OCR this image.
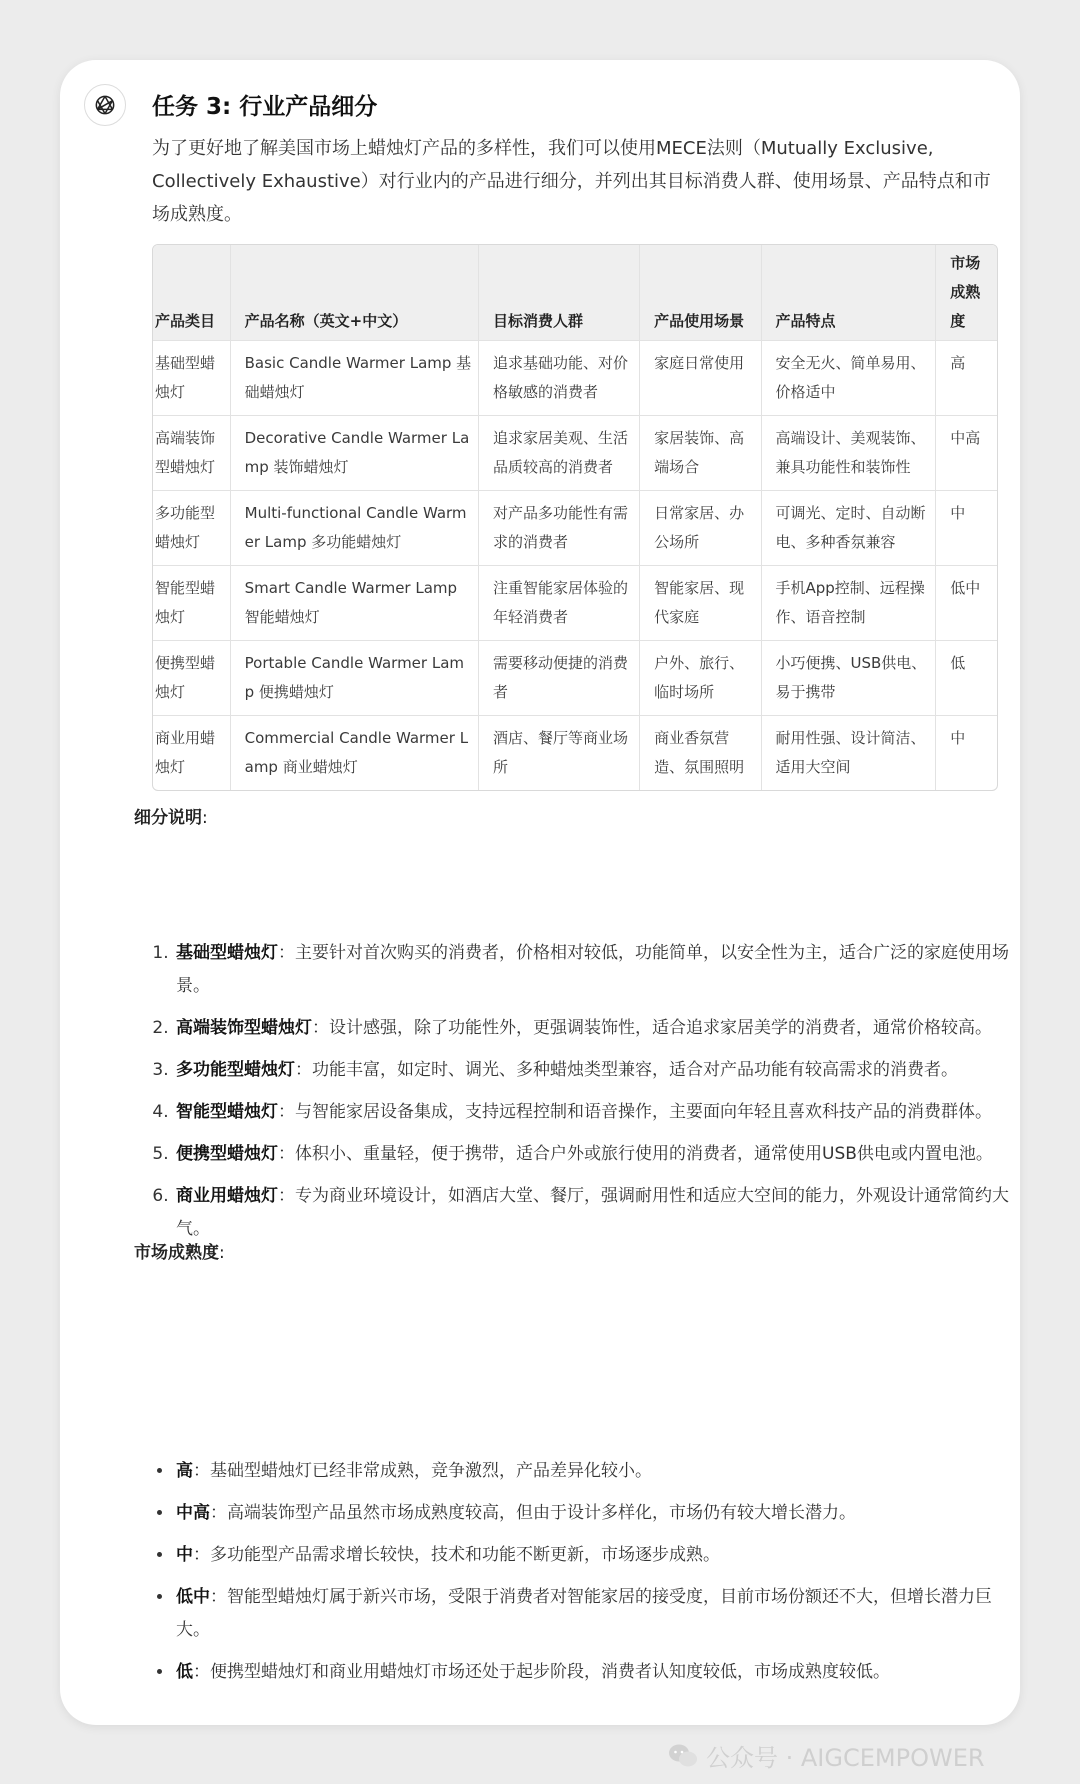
任务 3: 行业产品细分
为了更好地了解美国市场上蜡烛灯产品的多样性，我们可以使用MECE法则（Mutually Exclusive, Collectively Exhaustive）对行业内的产品进行细分，并列出其目标消费人群、使用场景、产品特点和市场成熟度。
产品类目	产品名称（英文+中文）	目标消费人群	产品使用场景	产品特点	市场成熟度
基础型蜡烛灯	Basic Candle Warmer Lamp 基础蜡烛灯	追求基础功能、对价格敏感的消费者	家庭日常使用	安全无火、简单易用、价格适中	高
高端装饰型蜡烛灯	Decorative Candle Warmer Lamp 装饰蜡烛灯	追求家居美观、生活品质较高的消费者	家居装饰、高端场合	高端设计、美观装饰、兼具功能性和装饰性	中高
多功能型蜡烛灯	Multi-functional Candle Warmer Lamp 多功能蜡烛灯	对产品多功能性有需求的消费者	日常家居、办公场所	可调光、定时、自动断电、多种香氛兼容	中
智能型蜡烛灯	Smart Candle Warmer Lamp 智能蜡烛灯	注重智能家居体验的年轻消费者	智能家居、现代家庭	手机App控制、远程操作、语音控制	低中
便携型蜡烛灯	Portable Candle Warmer Lamp 便携蜡烛灯	需要移动便捷的消费者	户外、旅行、临时场所	小巧便携、USB供电、易于携带	低
商业用蜡烛灯	Commercial Candle Warmer Lamp 商业蜡烛灯	酒店、餐厅等商业场所	商业香氛营造、氛围照明	耐用性强、设计简洁、适用大空间	中
细分说明:
1. 基础型蜡烛灯：主要针对首次购买的消费者，价格相对较低，功能简单，以安全性为主，适合广泛的家庭使用场景。
2. 高端装饰型蜡烛灯：设计感强，除了功能性外，更强调装饰性，适合追求家居美学的消费者，通常价格较高。
3. 多功能型蜡烛灯：功能丰富，如定时、调光、多种蜡烛类型兼容，适合对产品功能有较高需求的消费者。
4. 智能型蜡烛灯：与智能家居设备集成，支持远程控制和语音操作，主要面向年轻且喜欢科技产品的消费群体。
5. 便携型蜡烛灯：体积小、重量轻，便于携带，适合户外或旅行使用的消费者，通常使用USB供电或内置电池。
6. 商业用蜡烛灯：专为商业环境设计，如酒店大堂、餐厅，强调耐用性和适应大空间的能力，外观设计通常简约大气。
市场成熟度:
• 高：基础型蜡烛灯已经非常成熟，竞争激烈，产品差异化较小。
• 中高：高端装饰型产品虽然市场成熟度较高，但由于设计多样化，市场仍有较大增长潜力。
• 中：多功能型产品需求增长较快，技术和功能不断更新，市场逐步成熟。
• 低中：智能型蜡烛灯属于新兴市场，受限于消费者对智能家居的接受度，目前市场份额还不大，但增长潜力巨大。
• 低：便携型蜡烛灯和商业用蜡烛灯市场还处于起步阶段，消费者认知度较低，市场成熟度较低。
公众号 · AIGCEMPOWER
